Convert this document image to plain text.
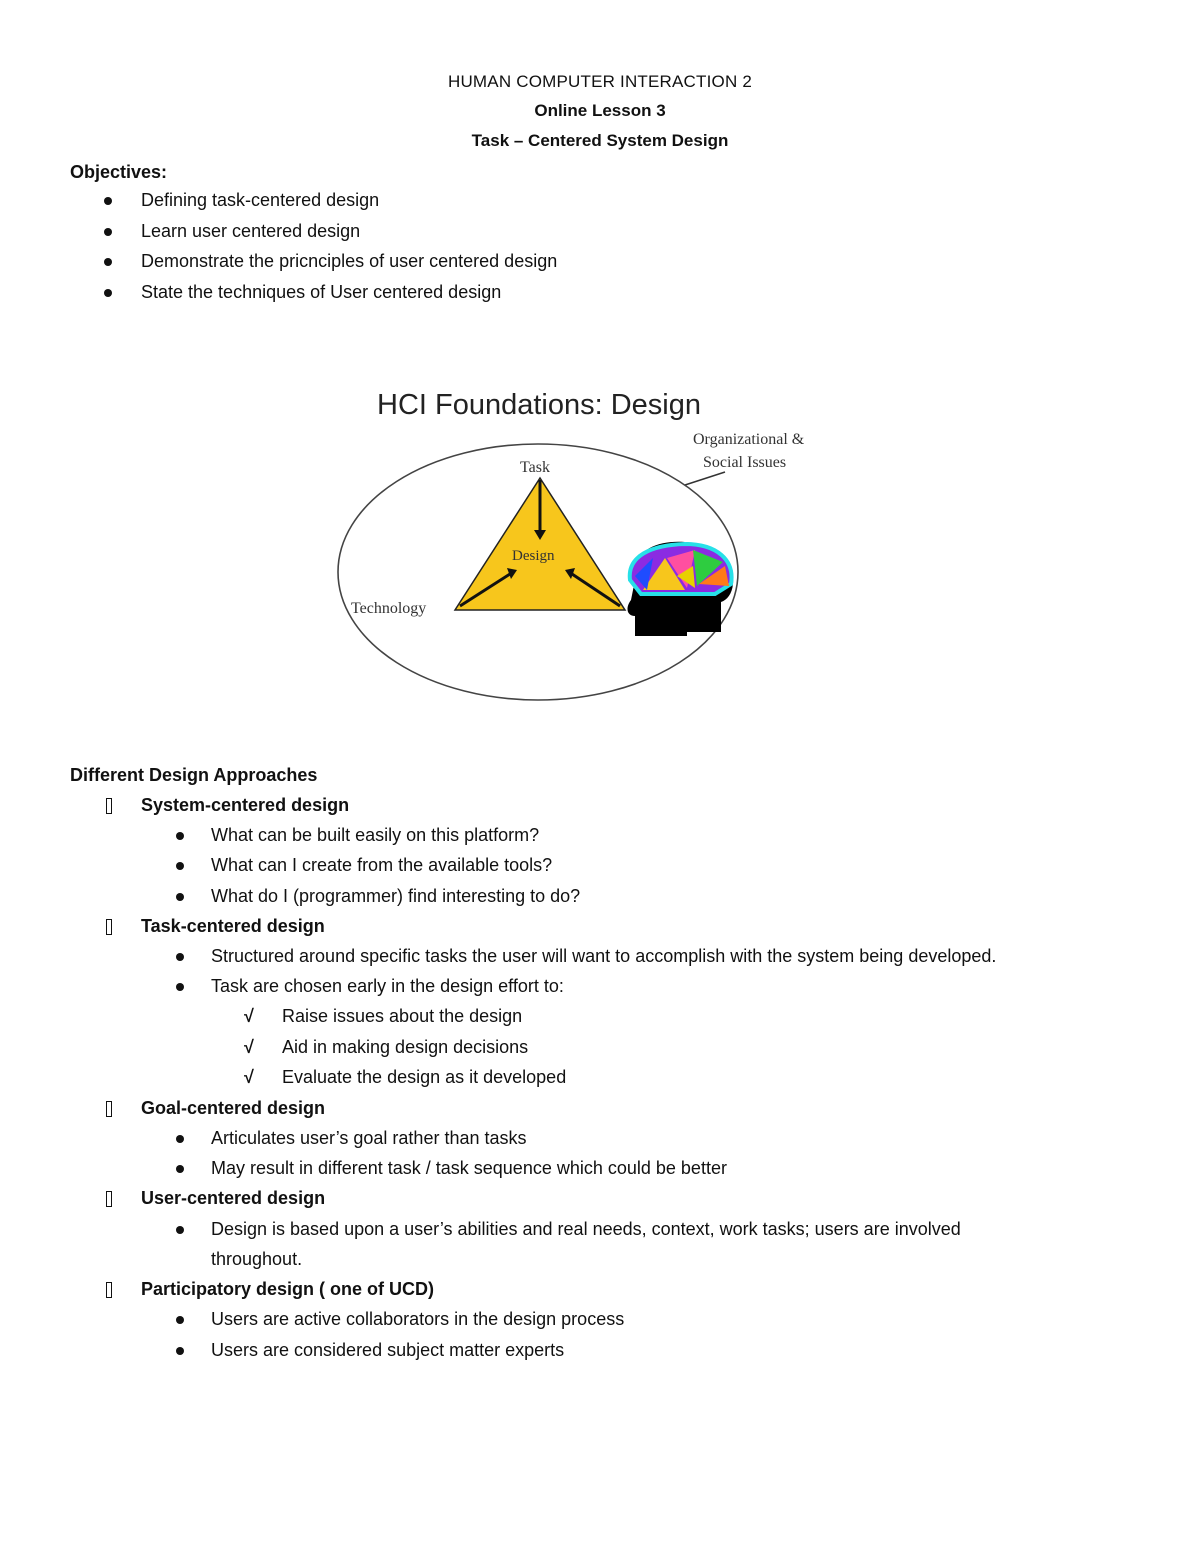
HUMAN COMPUTER INTERACTION 2
Online Lesson 3
Task – Centered System Design
Objectives:
Defining task-centered design
Learn user centered design
Demonstrate the pricnciples of user centered design
State the techniques of User centered design
HCI Foundations: Design
Organizational &
Social Issues
Task
Design
Technology
Different Design Approaches
System-centered design
What can be built easily on this platform?
What can I create from the available tools?
What do I (programmer) find interesting to do?
Task-centered design
Structured around specific tasks the user will want to accomplish with the system being developed.
Task are chosen early in the design effort to:
√ Raise issues about the design
√ Aid in making design decisions
√ Evaluate the design as it developed
Goal-centered design
Articulates user’s goal rather than tasks
May result in different task / task sequence which could be better
User-centered design
Design is based upon a user’s abilities and real needs, context, work tasks; users are involved
throughout.
Participatory design ( one of UCD)
Users are active collaborators in the design process
Users are considered subject matter experts
